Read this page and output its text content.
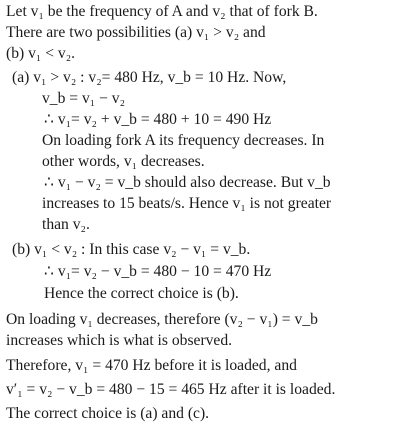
Let v₁ be the frequency of A and v₂ that of fork B.
There are two possibilities (a) v₁ > v₂ and
(b) v₁ < v₂.
(a) v₁ > v₂ : v₂= 480 Hz, v_b = 10 Hz. Now,
v_b = v₁ − v₂
∴ v₁= v₂ + v_b = 480 + 10 = 490 Hz
On loading fork A its frequency decreases. In
other words, v₁ decreases.
∴ v₁ − v₂ = v_b should also decrease. But v_b
increases to 15 beats/s. Hence v₁ is not greater
than v₂.
(b) v₁ < v₂ : In this case v₂ − v₁ = v_b.
∴ v₁= v₂ − v_b = 480 − 10 = 470 Hz
Hence the correct choice is (b).
On loading v₁ decreases, therefore (v₂ − v₁) = v_b
increases which is what is observed.
Therefore, v₁ = 470 Hz before it is loaded, and
v′₁ = v₂ − v_b = 480 − 15 = 465 Hz after it is loaded.
The correct choice is (a) and (c).
